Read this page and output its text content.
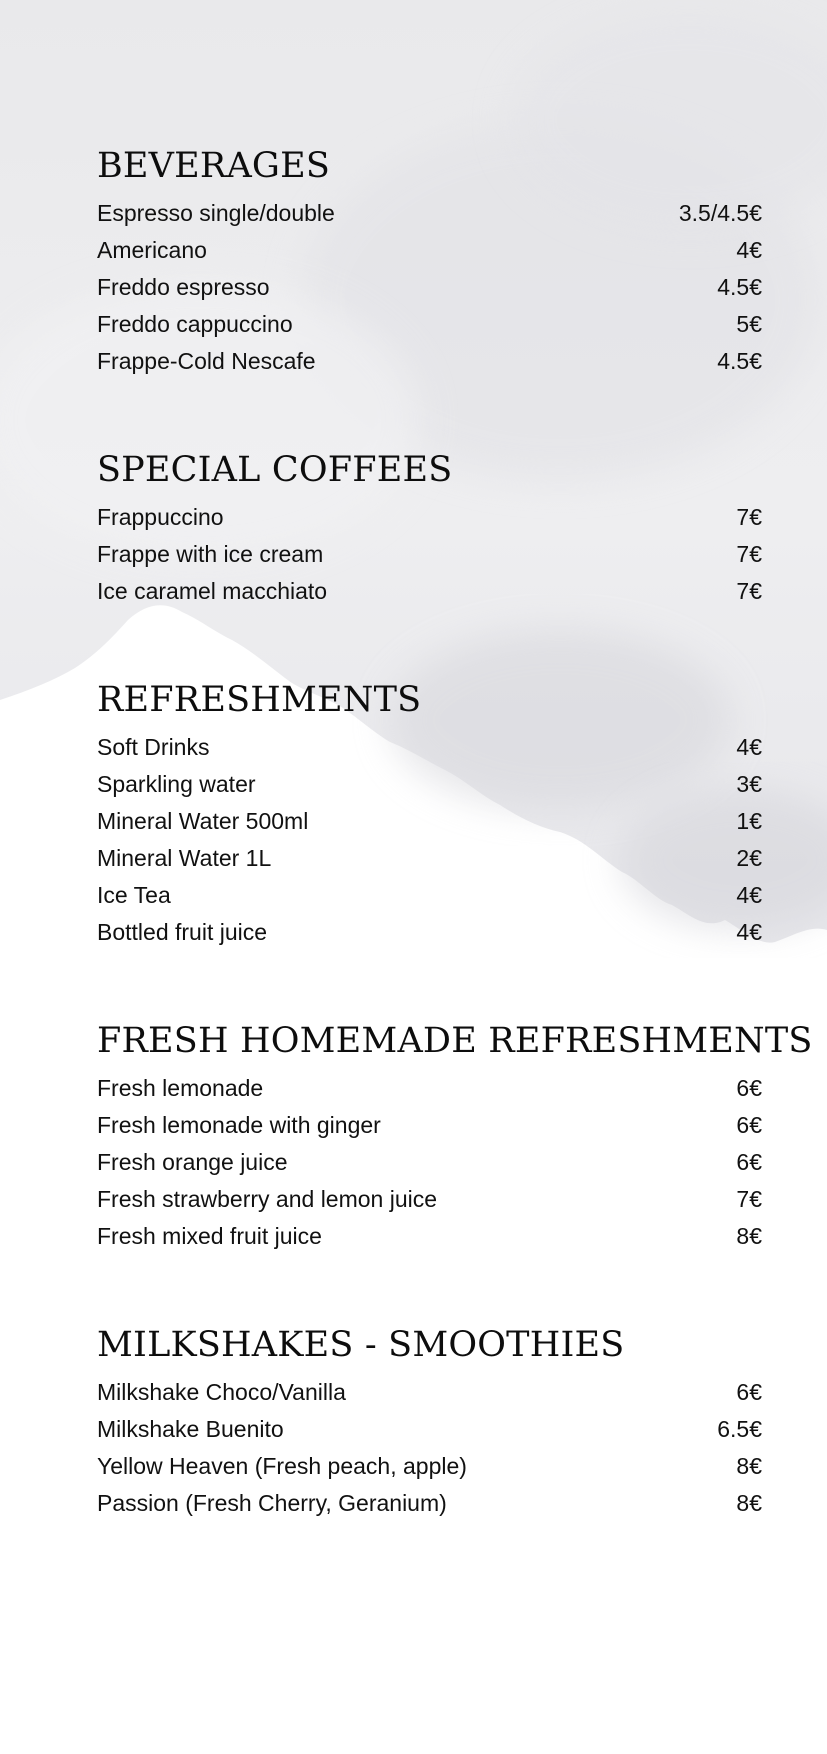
BEVERAGES
Espresso single/double	3.5/4.5€
Americano	4€
Freddo espresso	4.5€
Freddo cappuccino	5€
Frappe-Cold Nescafe	4.5€
SPECIAL COFFEES
Frappuccino	7€
Frappe with ice cream	7€
Ice caramel macchiato	7€
REFRESHMENTS
Soft Drinks	4€
Sparkling water	3€
Mineral Water 500ml	1€
Mineral Water 1L	2€
Ice Tea	4€
Bottled fruit juice	4€
FRESH HOMEMADE REFRESHMENTS
Fresh lemonade	6€
Fresh lemonade with ginger	6€
Fresh orange juice	6€
Fresh strawberry and lemon juice	7€
Fresh mixed fruit juice	8€
MILKSHAKES - SMOOTHIES
Milkshake Choco/Vanilla	6€
Milkshake Buenito	6.5€
Yellow Heaven (Fresh peach, apple)	8€
Passion (Fresh Cherry, Geranium)	8€
